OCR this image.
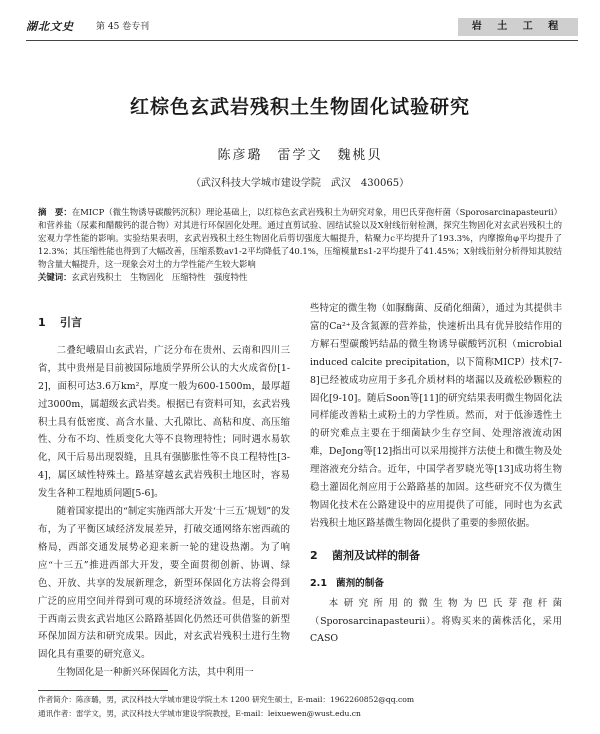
湖北文史 第 45 卷专刊	岩 土 工 程
红棕色玄武岩残积土生物固化试验研究
陈彦璐　雷学文　魏桃贝
（武汉科技大学城市建设学院　武汉　430065）
摘　要：在MICP（微生物诱导碳酸钙沉积）理论基础上，以红棕色玄武岩残积土为研究对象，用巴氏芽孢杆菌（Sporosarcinapasteurii）和营养盐（尿素和醋酸钙的混合物）对其进行环保固化处理。通过直剪试验、固结试验以及X射线衍射检测，探究生物固化对玄武岩残积土的宏观力学性能的影响。实验结果表明，玄武岩残积土经生物固化后剪切强度大幅提升，粘聚力c平均提升了193.3%，内摩擦角φ平均提升了12.3%；其压缩性能也得到了大幅改善，压缩系数av1-2平均降低了40.1%，压缩模量Es1-2平均提升了41.45%；X射线衍射分析得知其胶结物含量大幅提升，这一现象会对土的力学性能产生较大影响
关键词：玄武岩残积土　生物固化　压缩特性　强度特性
1 引言

二叠纪峨眉山玄武岩，广泛分布在贵州、云南和四川三省，其中贵州是目前被国际地质学界所公认的大火成省份[1-2]，面积可达3.6万km²，厚度一般为600-1500m，最厚超过3000m，属超级玄武岩类。根据已有资料可知，玄武岩残积土具有低密度、高含水量、大孔隙比、高粘和度、高压缩性、分布不均、性质变化大等不良物理特性；同时遇水易软化，风干后易出现裂缝，且具有强膨胀性等不良工程特性[3-4]，属区域性特殊土。路基穿越玄武岩残积土地区时，容易发生各种工程地质问题[5-6]。

随着国家提出的“制定实施西部大开发‘十三五’规划”的发布，为了平衡区域经济发展差异，打破交通网络东密西疏的格局，西部交通发展势必迎来新一轮的建设热潮。为了响应“十三五”推进西部大开发，要全面贯彻创新、协调、绿色、开放、共享的发展新理念，新型环保固化方法将会得到广泛的应用空间并得到可观的环境经济效益。但是，目前对于西南云贵玄武岩地区公路路基固化仍然还可供借鉴的新型环保加固方法和研究成果。因此，对玄武岩残积土进行生物固化具有重要的研究意义。

生物固化是一种新兴环保固化方法，其中利用一

些特定的微生物（如脲酶菌、反硝化细菌），通过为其提供丰富的Ca²⁺及含氮源的营养盐，快速析出具有优异胶结作用的方解石型碳酸钙结晶的微生物诱导碳酸钙沉积（microbial induced calcite precipitation，以下简称MICP）技术[7-8]已经被成功应用于多孔介质材料的堵漏以及疏松砂颗粒的固化[9-10]。随后Soon等[11]的研究结果表明微生物固化法同样能改善粘土或粉土的力学性质。然而，对于低渗透性土的研究难点主要在于细菌缺少生存空间、处理溶液流动困难，DeJong等[12]指出可以采用搅拌方法使土和微生物及处理溶液充分结合。近年，中国学者罗晓光等[13]成功将生物稳土灌固化剂应用于公路路基的加固。这些研究不仅为微生物固化技术在公路建设中的应用提供了可能，同时也为玄武岩残积土地区路基微生物固化提供了重要的参照依据。

2 菌剂及试样的制备
2.1 菌剂的制备

本研究所用的微生物为巴氏芽孢杆菌（Sporosarcinapasteurii）。将购买来的菌株活化，采用 CASO

作者简介：陈彦璐，男，武汉科技大学城市建设学院土木 1200 研究生硕士，E-mail：1962260852@qq.com
通讯作者：雷学文，男，武汉科技大学城市建设学院教授，E-mail：leixuewen@wust.edu.cn
